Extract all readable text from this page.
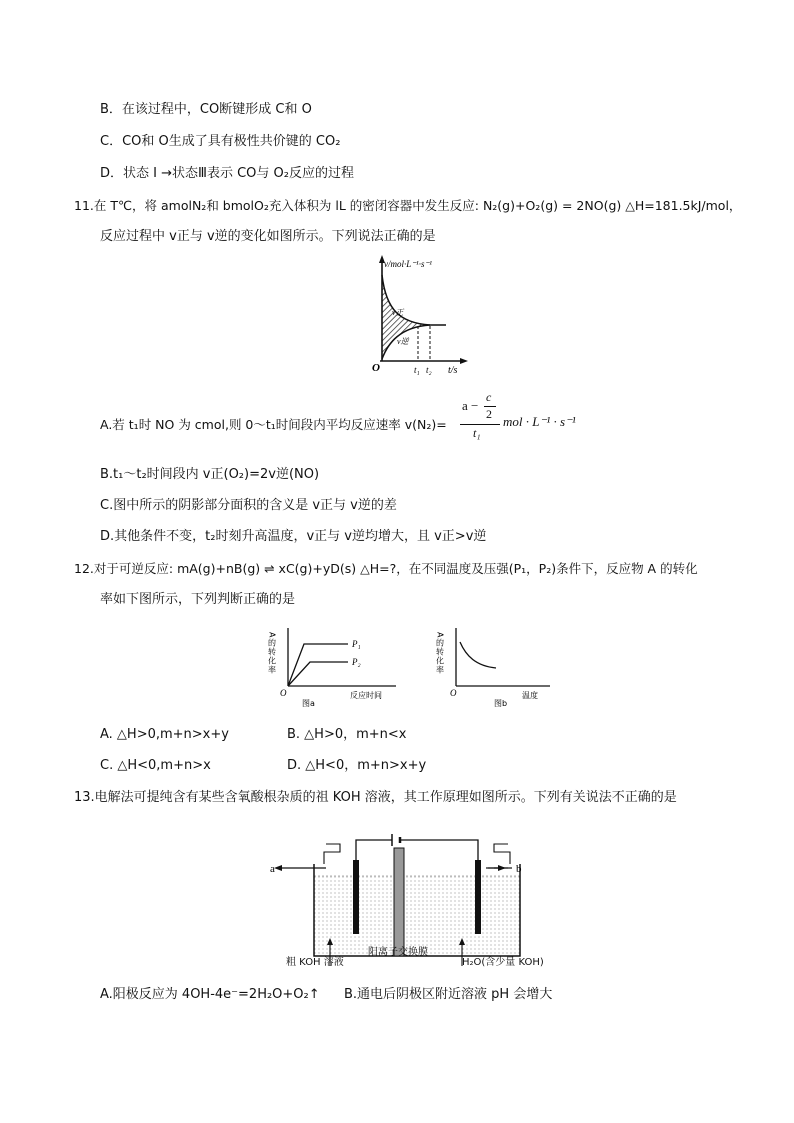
B．在该过程中，CO断键形成 C和 O
C．CO和 O生成了具有极性共价键的 CO₂
D．状态 I →状态Ⅲ表示 CO与 O₂反应的过程
11.在 T℃，将 amolN₂和 bmolO₂充入体积为 lL 的密闭容器中发生反应: N₂(g)+O₂(g) = 2NO(g) △H=181.5kJ/mol，
反应过程中 v正与 v逆的变化如图所示。下列说法正确的是
v/mol·L⁻¹·s⁻¹
O	t/s
t₁ t₂
v正
v逆
A.若 t₁时 NO 为 cmol,则 0～t₁时间段内平均反应速率 v(N₂)=
a −
c
2
t₁
mol · L⁻¹ · s⁻¹
B.t₁～t₂时间段内 v正(O₂)=2v逆(NO)
C.图中所示的阴影部分面积的含义是 v正与 v逆的差
D.其他条件不变，t₂时刻升高温度，v正与 v逆均增大，且 v正>v逆
12.对于可逆反应: mA(g)+nB(g) ⇌ xC(g)+yD(s) △H=?，在不同温度及压强(P₁，P₂)条件下，反应物 A 的转化
率如下图所示，下列判断正确的是
A的转化率	P₁
P₂
O	反应时间
图a
A的转化率
O	温度
图b
A. △H>0,m+n>x+y	B. △H>0，m+n<x
C. △H<0,m+n>x	D. △H<0，m+n>x+y
13.电解法可提纯含有某些含氧酸根杂质的祖 KOH 溶液，其工作原理如图所示。下列有关说法不正确的是
a	b
粗 KOH 溶液
阳离子交换膜
H₂O(含少量 KOH)
A.阳极反应为 4OH-4e⁻=2H₂O+O₂↑ B.通电后阴极区附近溶液 pH 会增大
